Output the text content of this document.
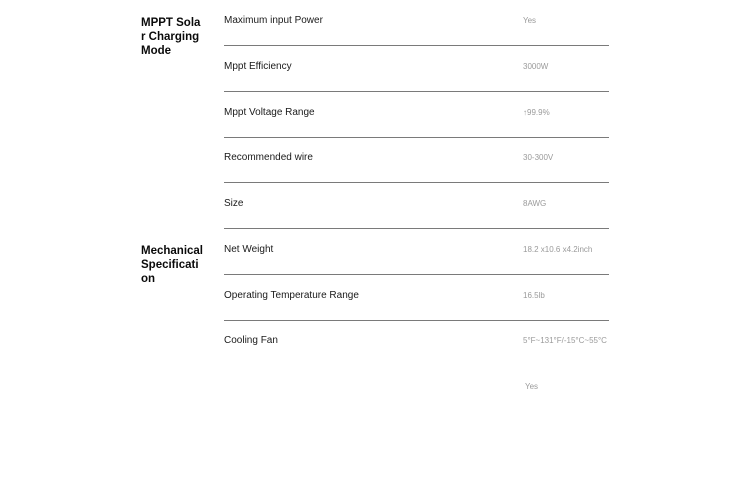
MPPT Solar Charging Mode
Mechanical Specification
Maximum input Power	Yes
Mppt Efficiency	3000W
Mppt Voltage Range	↑99.9%
Recommended wire	30-300V
Size	8AWG
Net Weight	18.2 x10.6 x4.2inch
Operating Temperature Range	16.5lb
Cooling Fan	5°F~131°F/-15°C~55°C
Yes
